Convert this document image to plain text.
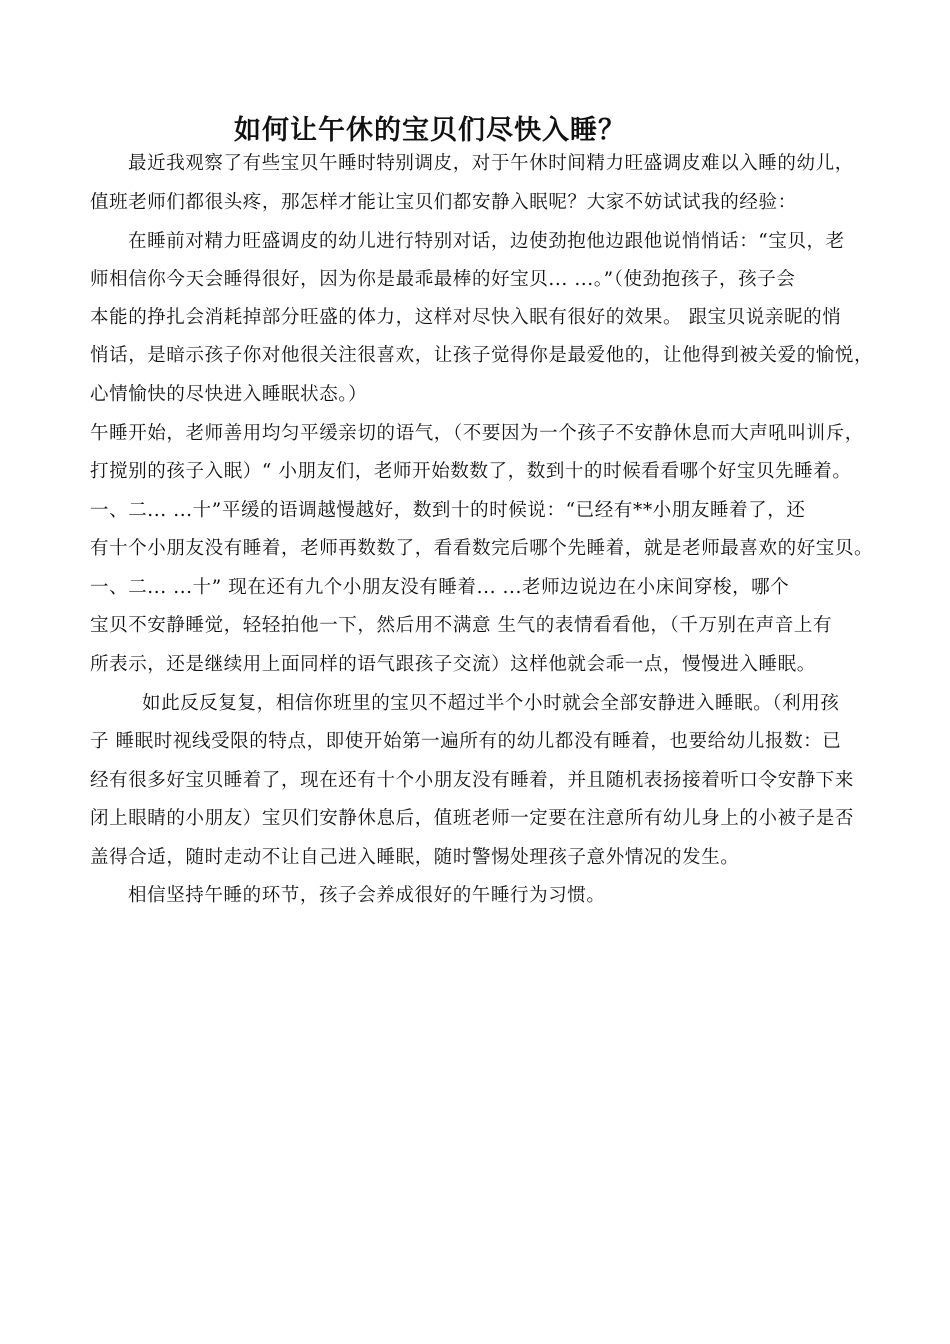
如何让午休的宝贝们尽快入睡？
最近我观察了有些宝贝午睡时特别调皮，对于午休时间精力旺盛调皮难以入睡的幼儿，
值班老师们都很头疼，那怎样才能让宝贝们都安静入眠呢？大家不妨试试我的经验：
在睡前对精力旺盛调皮的幼儿进行特别对话，边使劲抱他边跟他说悄悄话：“宝贝，老
师相信你今天会睡得很好，因为你是最乖最棒的好宝贝... ...。”（使劲抱孩子，孩子会
本能的挣扎会消耗掉部分旺盛的体力，这样对尽快入眠有很好的效果。 跟宝贝说亲昵的悄
悄话，是暗示孩子你对他很关注很喜欢，让孩子觉得你是最爱他的，让他得到被关爱的愉悦，
心情愉快的尽快进入睡眠状态。）
午睡开始，老师善用均匀平缓亲切的语气，（不要因为一个孩子不安静休息而大声吼叫训斥，
打搅别的孩子入眠）“ 小朋友们，老师开始数数了，数到十的时候看看哪个好宝贝先睡着。
一、二... ...十”平缓的语调越慢越好，数到十的时候说：“已经有**小朋友睡着了，还
有十个小朋友没有睡着，老师再数数了，看看数完后哪个先睡着，就是老师最喜欢的好宝贝。
一、二... ...十” 现在还有九个小朋友没有睡着... ...老师边说边在小床间穿梭，哪个
宝贝不安静睡觉，轻轻拍他一下，然后用不满意 生气的表情看看他，（千万别在声音上有
所表示，还是继续用上面同样的语气跟孩子交流）这样他就会乖一点，慢慢进入睡眠。
如此反反复复，相信你班里的宝贝不超过半个小时就会全部安静进入睡眠。（利用孩
子 睡眠时视线受限的特点，即使开始第一遍所有的幼儿都没有睡着，也要给幼儿报数：已
经有很多好宝贝睡着了，现在还有十个小朋友没有睡着，并且随机表扬接着听口令安静下来
闭上眼睛的小朋友）宝贝们安静休息后，值班老师一定要在注意所有幼儿身上的小被子是否
盖得合适，随时走动不让自己进入睡眠，随时警惕处理孩子意外情况的发生。
相信坚持午睡的环节，孩子会养成很好的午睡行为习惯。
